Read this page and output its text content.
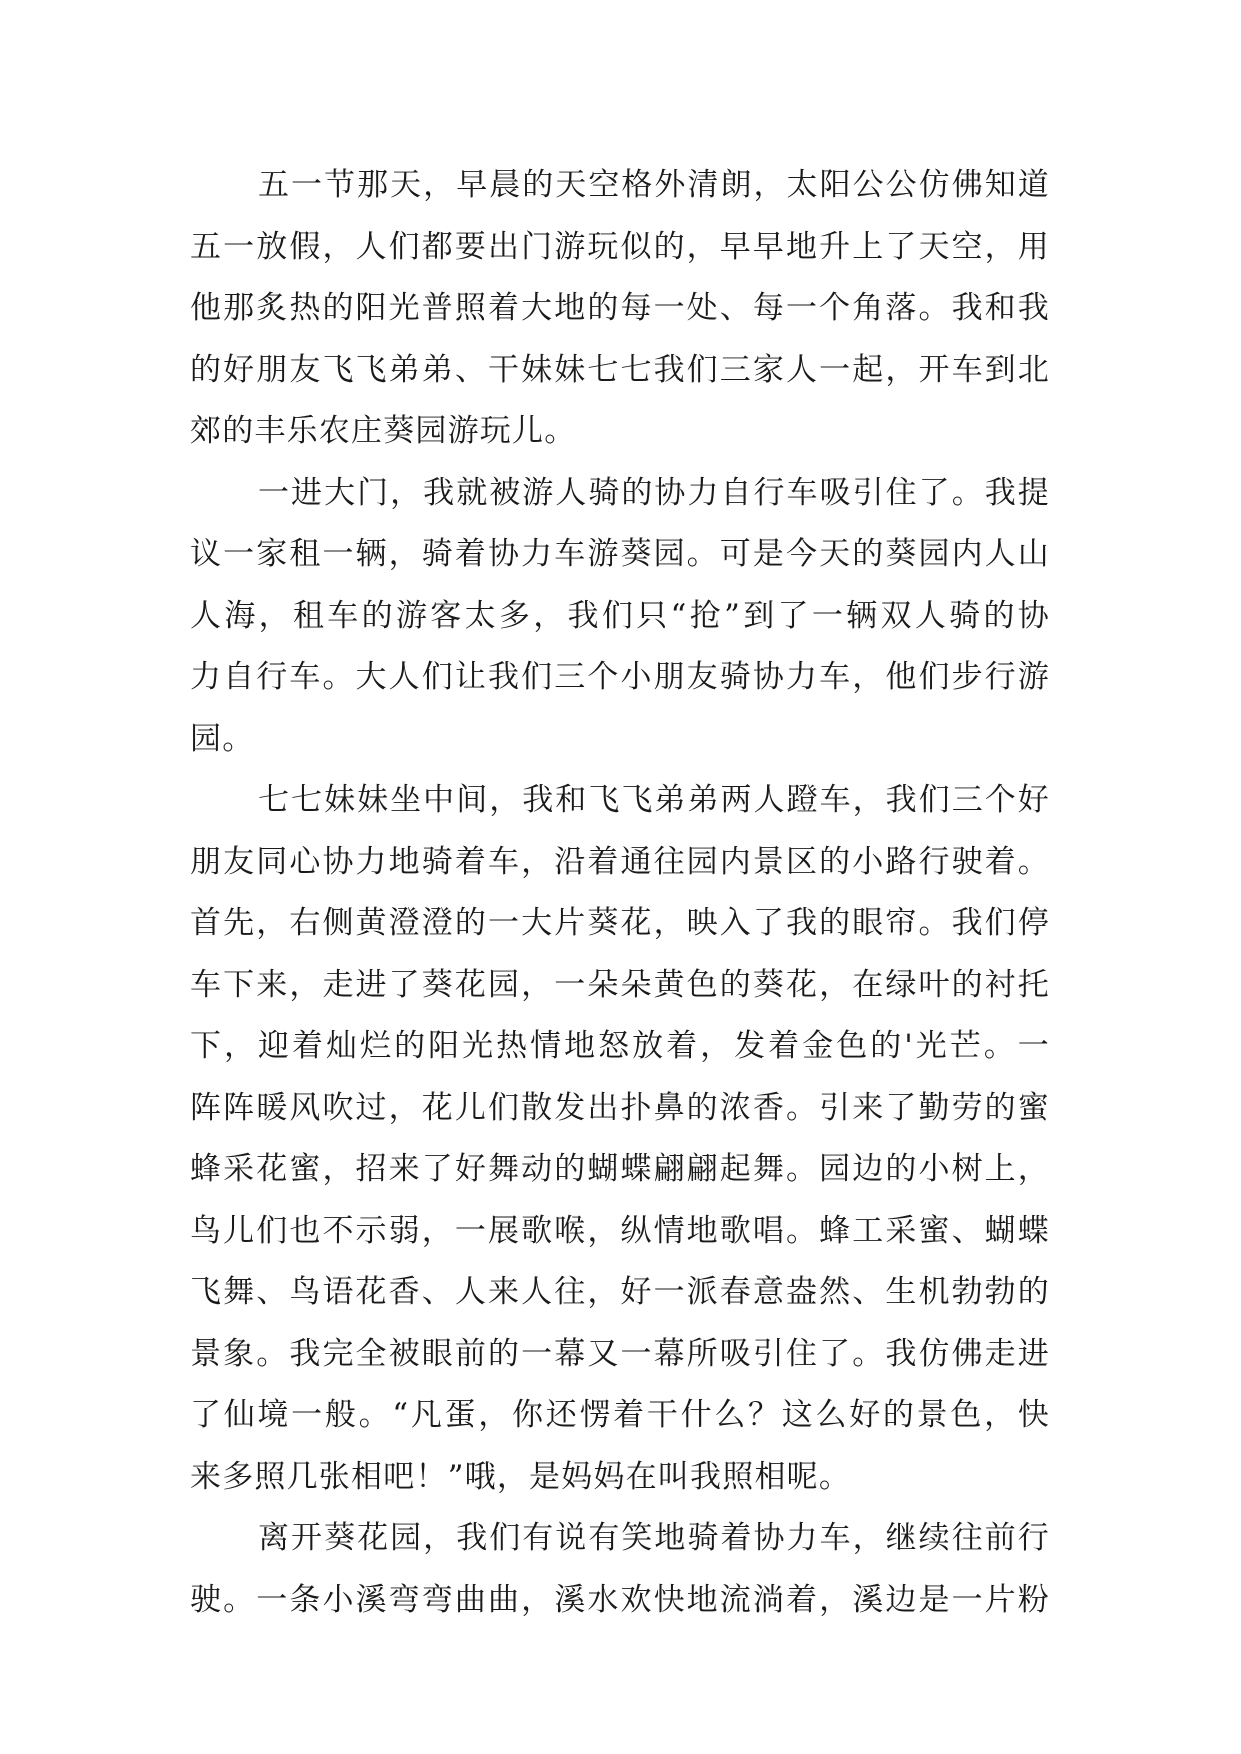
五一节那天，早晨的天空格外清朗，太阳公公仿佛知道
五一放假，人们都要出门游玩似的，早早地升上了天空，用
他那炙热的阳光普照着大地的每一处、每一个角落。我和我
的好朋友飞飞弟弟、干妹妹七七我们三家人一起，开车到北
郊的丰乐农庄葵园游玩儿。
一进大门，我就被游人骑的协力自行车吸引住了。我提
议一家租一辆，骑着协力车游葵园。可是今天的葵园内人山
人海，租车的游客太多，我们只“抢”到了一辆双人骑的协
力自行车。大人们让我们三个小朋友骑协力车，他们步行游
园。
七七妹妹坐中间，我和飞飞弟弟两人蹬车，我们三个好
朋友同心协力地骑着车，沿着通往园内景区的小路行驶着。
首先，右侧黄澄澄的一大片葵花，映入了我的眼帘。我们停
车下来，走进了葵花园，一朵朵黄色的葵花，在绿叶的衬托
下，迎着灿烂的阳光热情地怒放着，发着金色的'光芒。一
阵阵暖风吹过，花儿们散发出扑鼻的浓香。引来了勤劳的蜜
蜂采花蜜，招来了好舞动的蝴蝶翩翩起舞。园边的小树上，
鸟儿们也不示弱，一展歌喉，纵情地歌唱。蜂工采蜜、蝴蝶
飞舞、鸟语花香、人来人往，好一派春意盎然、生机勃勃的
景象。我完全被眼前的一幕又一幕所吸引住了。我仿佛走进
了仙境一般。“凡蛋，你还愣着干什么？这么好的景色，快
来多照几张相吧！”哦，是妈妈在叫我照相呢。
离开葵花园，我们有说有笑地骑着协力车，继续往前行
驶。一条小溪弯弯曲曲，溪水欢快地流淌着，溪边是一片粉
